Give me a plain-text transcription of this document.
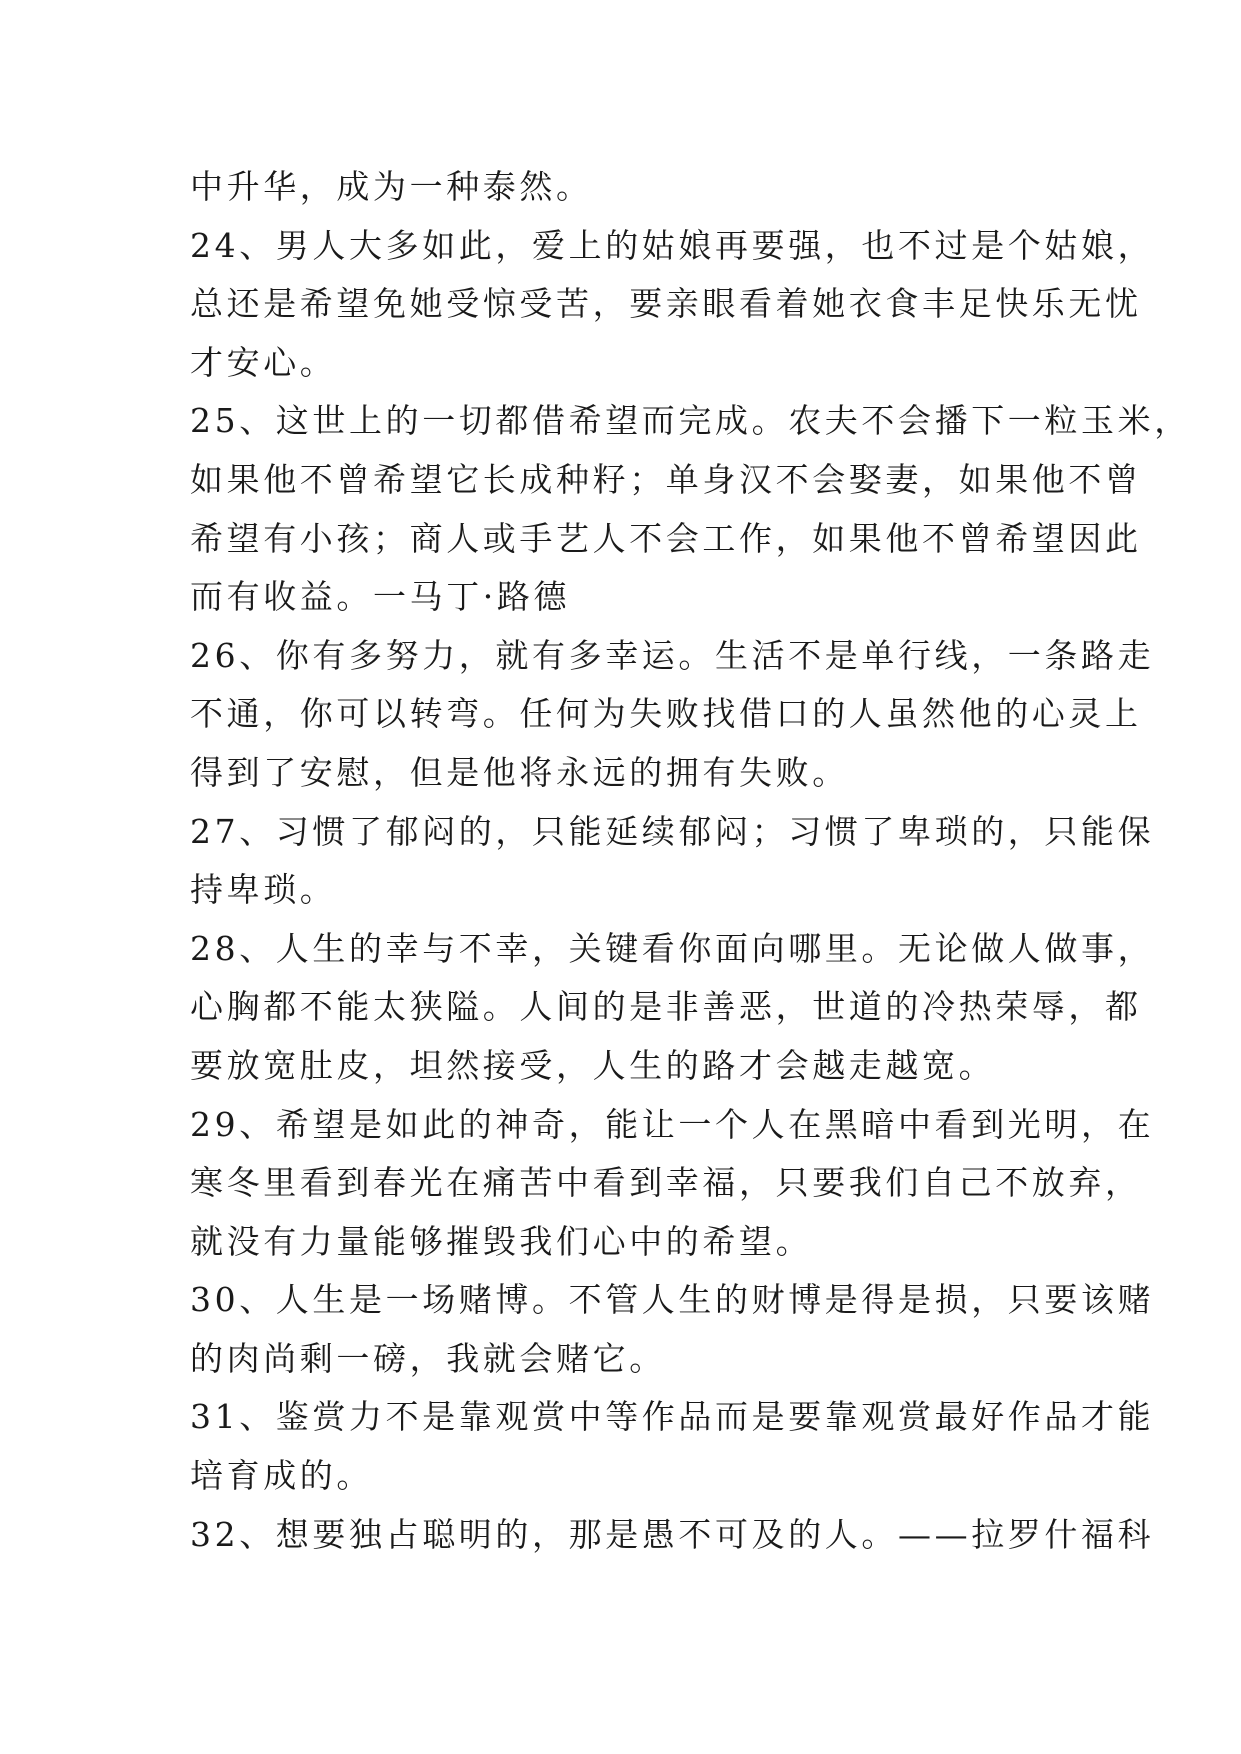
中升华，成为一种泰然。
24、男人大多如此，爱上的姑娘再要强，也不过是个姑娘，
总还是希望免她受惊受苦，要亲眼看着她衣食丰足快乐无忧
才安心。
25、这世上的一切都借希望而完成。农夫不会播下一粒玉米，
如果他不曾希望它长成种籽；单身汉不会娶妻，如果他不曾
希望有小孩；商人或手艺人不会工作，如果他不曾希望因此
而有收益。一马丁·路德
26、你有多努力，就有多幸运。生活不是单行线，一条路走
不通，你可以转弯。任何为失败找借口的人虽然他的心灵上
得到了安慰，但是他将永远的拥有失败。
27、习惯了郁闷的，只能延续郁闷；习惯了卑琐的，只能保
持卑琐。
28、人生的幸与不幸，关键看你面向哪里。无论做人做事，
心胸都不能太狭隘。人间的是非善恶，世道的冷热荣辱，都
要放宽肚皮，坦然接受，人生的路才会越走越宽。
29、希望是如此的神奇，能让一个人在黑暗中看到光明，在
寒冬里看到春光在痛苦中看到幸福，只要我们自己不放弃，
就没有力量能够摧毁我们心中的希望。
30、人生是一场赌博。不管人生的财博是得是损，只要该赌
的肉尚剩一磅，我就会赌它。
31、鉴赏力不是靠观赏中等作品而是要靠观赏最好作品才能
培育成的。
32、想要独占聪明的，那是愚不可及的人。——拉罗什福科
